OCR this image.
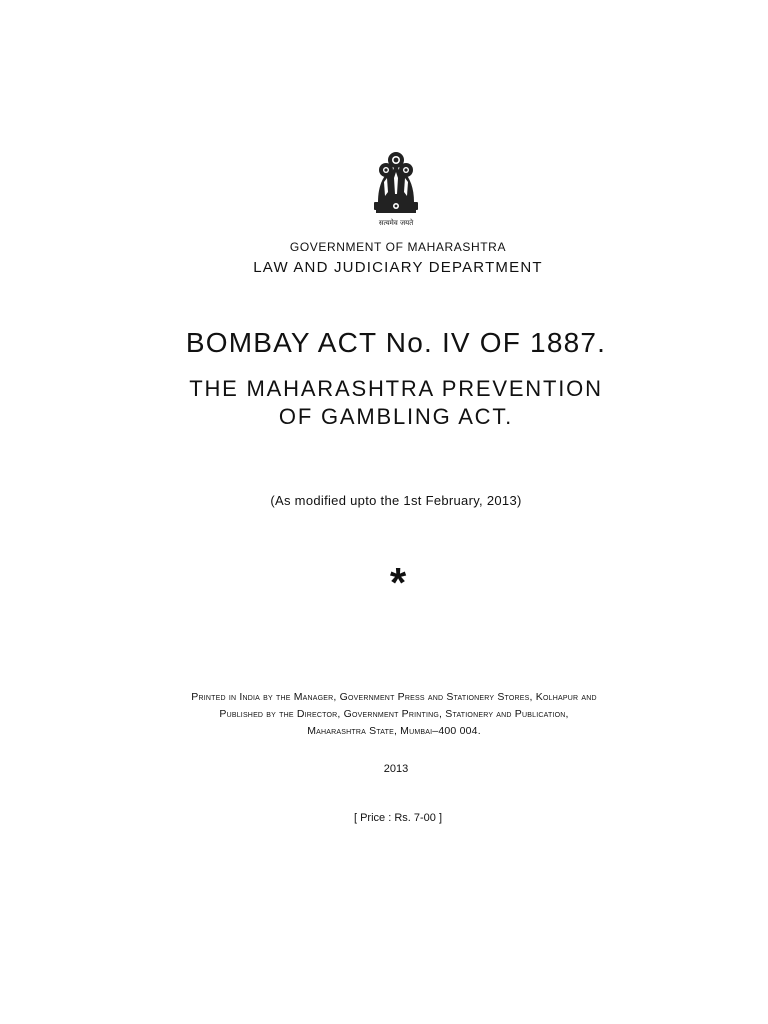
सत्यमेव जयते

GOVERNMENT OF MAHARASHTRA

LAW AND JUDICIARY DEPARTMENT

BOMBAY ACT No. IV OF 1887.
THE MAHARASHTRA PREVENTION
OF GAMBLING ACT.

(As modified upto the 1st February, 2013)

*

Printed in India by the Manager, Government Press and Stationery Stores, Kolhapur and
Published by the Director, Government Printing, Stationery and Publication,
Maharashtra State, Mumbai–400 004.

2013

[ Price : Rs. 7-00 ]
